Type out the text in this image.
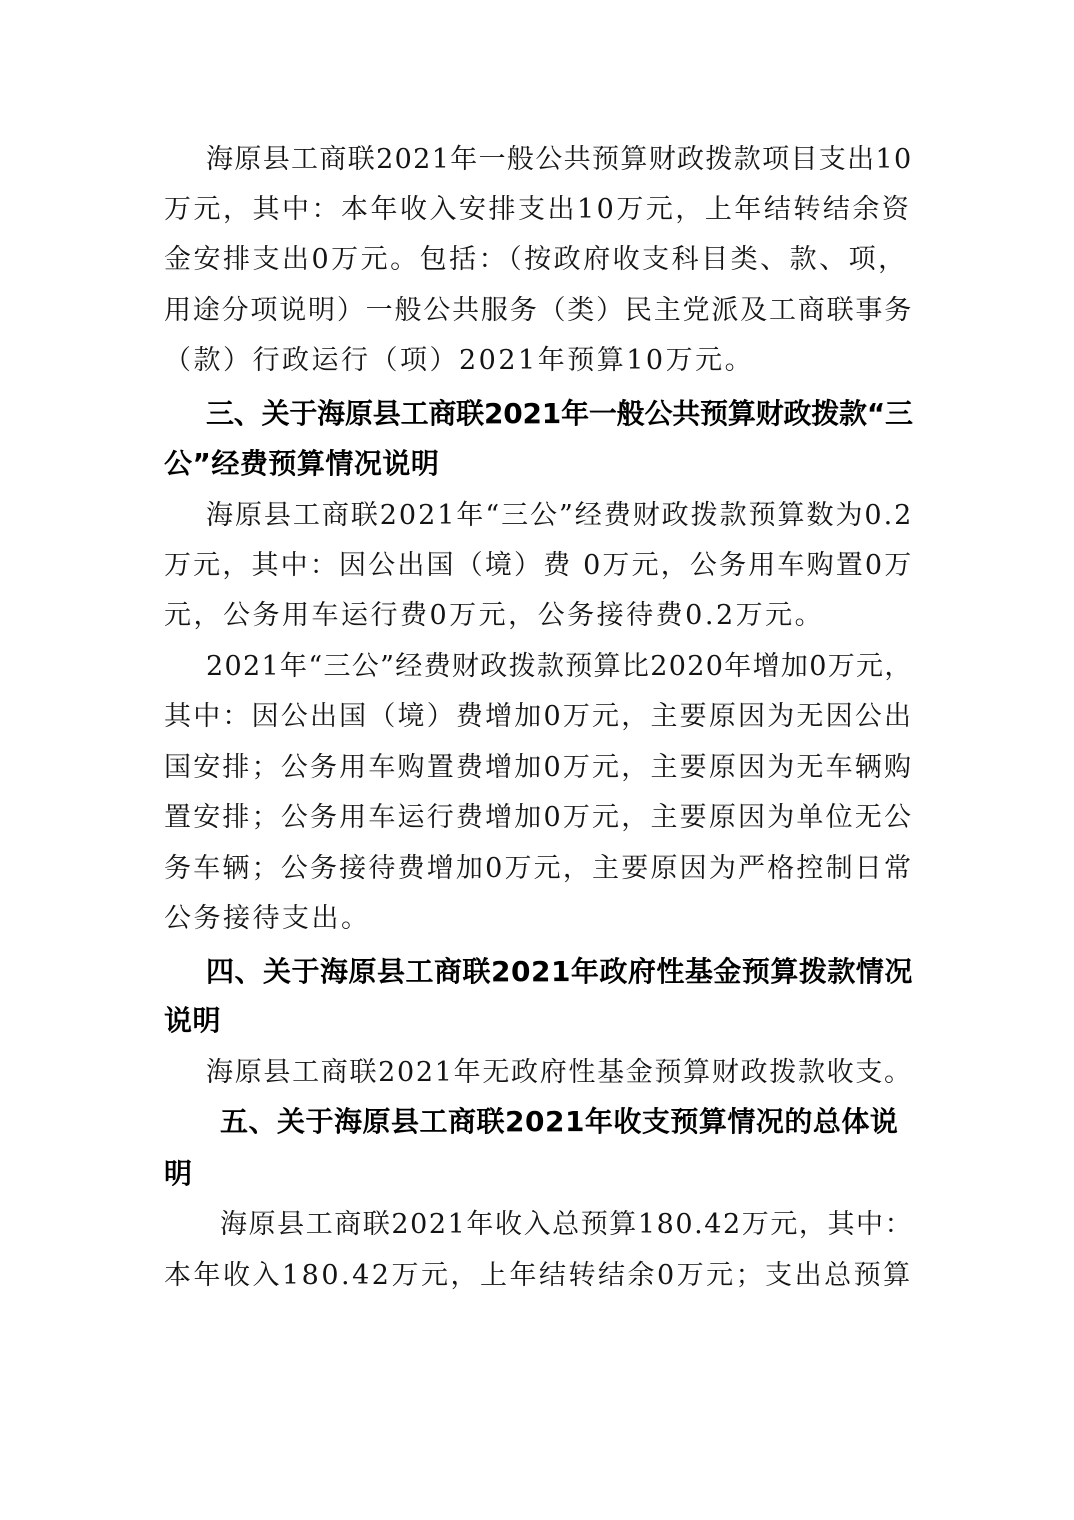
海原县工商联2021年一般公共预算财政拨款项目支出10

万元，其中：本年收入安排支出10万元，上年结转结余资

金安排支出0万元。包括：（按政府收支科目类、款、项，

用途分项说明）一般公共服务（类）民主党派及工商联事务

（款）行政运行（项）2021年预算10万元。

三、关于海原县工商联2021年一般公共预算财政拨款“三

公”经费预算情况说明

海原县工商联2021年“三公”经费财政拨款预算数为0.2

万元，其中：因公出国（境）费 0万元，公务用车购置0万

元，公务用车运行费0万元，公务接待费0.2万元。

2021年“三公”经费财政拨款预算比2020年增加0万元，

其中：因公出国（境）费增加0万元，主要原因为无因公出

国安排；公务用车购置费增加0万元，主要原因为无车辆购

置安排；公务用车运行费增加0万元，主要原因为单位无公

务车辆；公务接待费增加0万元，主要原因为严格控制日常

公务接待支出。

四、关于海原县工商联2021年政府性基金预算拨款情况

说明

海原县工商联2021年无政府性基金预算财政拨款收支。

五、关于海原县工商联2021年收支预算情况的总体说

明

海原县工商联2021年收入总预算180.42万元，其中：

本年收入180.42万元，上年结转结余0万元；支出总预算
